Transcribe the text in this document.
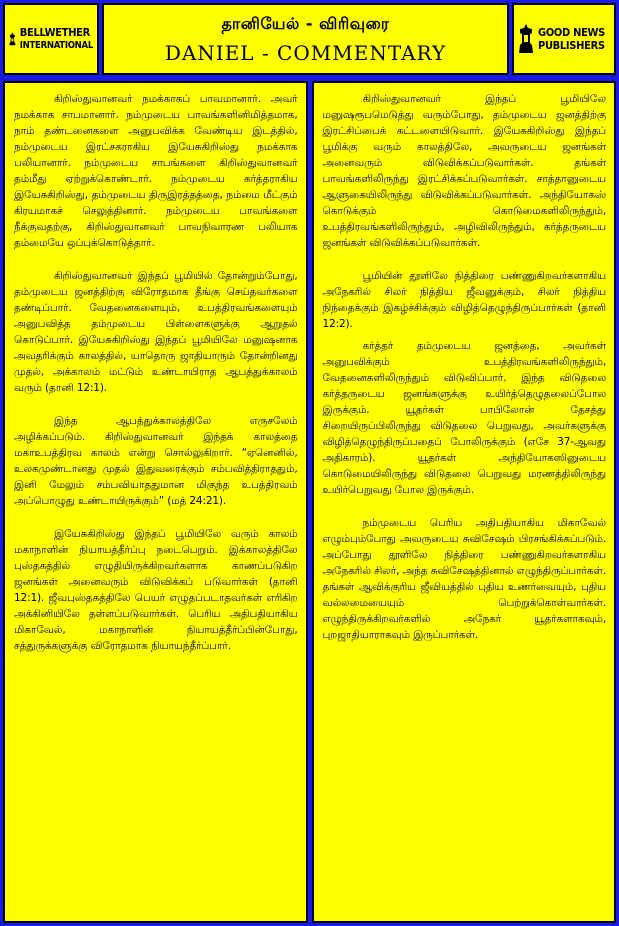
BELLWETHER
INTERNATIONAL
தானியேல் - விரிவுரை
DANIEL - COMMENTARY
GOOD NEWS
PUBLISHERS

கிறிஸ்துவானவர் நமக்காகப் பாவமானார். அவர் நமக்காக சாபமானார். நம்முடைய பாவங்களினிமித்தமாக, நாம் தண்டனைகளை அனுபவிக்க வேண்டிய இடத்தில், நம்முடைய இரட்சகராகிய இயேசுகிறிஸ்து நமக்காக பலியானார். நம்முடைய சாபங்களை கிறிஸ்துவானவர் தம்மீது ஏற்றுக்கொண்டார். நம்முடைய கர்த்தராகிய இயேசுகிறிஸ்து, தம்முடைய திருஇரத்தத்தை, நம்மை மீட்கும் கிரயமாகச் செலுத்தினார். நம்முடைய பாவங்களை நீக்குவதற்கு, கிறிஸ்துவானவர் பாவநிவாரண பலியாக தம்மையே ஒப்புக்கொடுத்தார்.

கிறிஸ்துவானவர் இந்தப் பூமியில் தோன்றும்போது, தம்முடைய ஜனத்திற்கு விரோதமாக தீங்கு செய்தவர்களை தண்டிப்பார். வேதனைகளையும், உபத்திரவங்களையும் அனுபவித்த தம்முடைய பிள்ளைகளுக்கு ஆறுதல் கொடுப்பார். இயேசுகிறிஸ்து இந்தப் பூமியிலே மனுஷனாக அவதரிக்கும் காலத்தில், யாதொரு ஜாதியாரும் தோன்றினது முதல், அக்காலம் மட்டும் உண்டாயிராத ஆபத்துக்காலம் வரும் (தானி 12:1).

இந்த ஆபத்துக்காலத்திலே எருசலேம் அழிக்கப்படும். கிறிஸ்துவானவர் இந்தக் காலத்தை மகாஉபத்திரவ காலம் என்று சொல்லுகிறார். “ஏனெனில், உலகமுண்டானது முதல் இதுவரைக்கும் சம்பவித்திராததும், இனி மேலும் சம்பவியாததுமான மிகுந்த உபத்திரவம் அப்பொழுது உண்டாயிருக்கும்” (மத் 24:21).

இயேசுகிறிஸ்து இந்தப் பூமியிலே வரும் காலம் மகாநாளின் நியாயத்தீர்ப்பு நடைபெறும். இக்காலத்திலே புஸ்தகத்தில் எழுதியிருக்கிறவர்களாக காணப்படுகிற ஜனங்கள் அனைவரும் விடுவிக்கப் படுவார்கள் (தானி 12:1). ஜீவபுஸ்தகத்திலே பெயர் எழுதப்படாதவர்கள் எரிகிற அக்கினியிலே தள்ளப்படுவார்கள். பெரிய அதிபதியாகிய மிகாவேல், மகாநாளின் நியாயத்தீர்ப்பின்போது, சத்துருக்களுக்கு விரோதமாக நியாயந்தீர்ப்பார்.

கிறிஸ்துவானவர் இந்தப் பூமியிலே மனுஷரூபமெடுத்து வரும்போது, தம்முடைய ஜனத்திற்கு இரட்சிப்பைக் கட்டளையிடுவார். இயேசுகிறிஸ்து இந்தப் பூமிக்கு வரும் காலத்திலே, அவருடைய ஜனங்கள் அனைவரும் விடுவிக்கப்படுவார்கள். தங்கள் பாவங்களிலிருந்து இரட்சிக்கப்படுவார்கள். சாத்தானுடைய ஆளுகையிலிருந்து விடுவிக்கப்படுவார்கள். அந்தியோகஸ் கொடுக்கும் கொடுமைகளிலிருந்தும், உபத்திரவங்களிலிருந்தும், அழிவிலிருந்தும், கர்த்தருடைய ஜனங்கள் விடுவிக்கப்படுவார்கள்.

பூமியின் தூளிலே நித்திரை பண்ணுகிறவர்களாகிய அநேகரில் சிலர் நித்திய ஜீவனுக்கும், சிலர் நித்திய நிந்தைக்கும் இகழ்ச்சிக்கும் விழித்தெழுந்திருப்பார்கள் (தானி 12:2).

கர்த்தர் தம்முடைய ஜனத்தை, அவர்கள் அனுபவிக்கும் உபத்திரவங்களிலிருந்தும், வேதனைகளிலிருந்தும் விடுவிப்பார். இந்த விடுதலை கர்த்தருடைய ஜனங்களுக்கு உயிர்த்தெழுதலைப்போல இருக்கும். யூதர்கள் பாபிலோன் தேசத்து சிறையிருப்பிலிருந்து விடுதலை பெறுவது, அவர்களுக்கு விழித்தெழுந்திருப்பதைப் போலிருக்கும் (எசே 37-ஆவது அதிகாரம்). யூதர்கள் அந்தியோகஸினுடைய கொடுமையிலிருந்து விடுதலை பெறுவது மரணத்திலிருந்து உயிர்பெறுவது போல இருக்கும்.

நம்முடைய பெரிய அதிபதியாகிய மிகாவேல் எழும்பும்போது அவருடைய சுவிசேஷம் பிரசங்கிக்கப்படும். அப்போது தூளிலே நித்திரை பண்ணுகிறவர்களாகிய அநேகரில் சிலர், அந்த சுவிசேஷத்தினால் எழுந்திருப்பார்கள். தங்கள் ஆவிக்குரிய ஜீவியத்தில் புதிய உணர்வையும், புதிய வல்லமையையும் பெற்றுக்கொள்வார்கள். எழுந்திருக்கிறவர்களில் அநேகர் யூதர்களாகவும், புறஜாதியாராகவும் இருப்பார்கள்.
